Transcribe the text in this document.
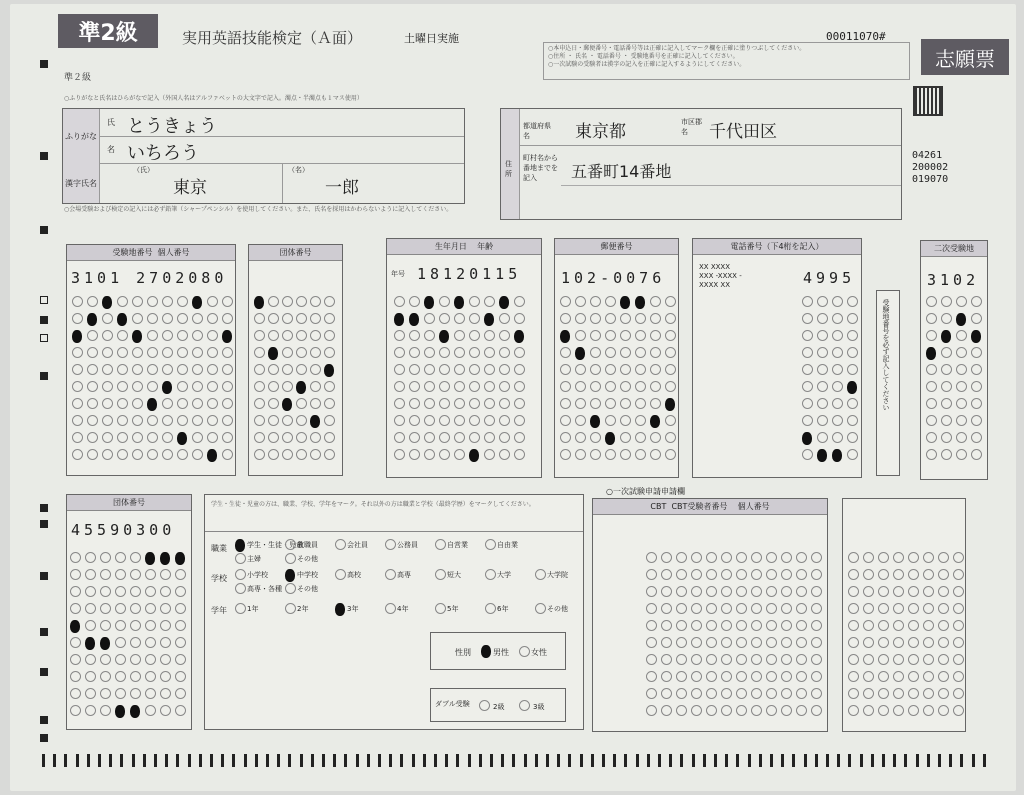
準2級	実用英語技能検定（Ａ面）	土曜日実施	00011070#
志願票
○本申込日・郵便番号・電話番号等は正確に記入してマーク欄を正確に塗りつぶしてください。
○住所 ・ 氏名 ・ 電話番号 ・ 受験地番号を正確に記入してください。
○一次試験の受験者は漢字の記入を正確に記入するようにしてください。
04261
200002
019070
準２級
○ふりがなと氏名はひらがなで記入（外国人名はアルファベットの大文字で記入。濁点・半濁点も１マス使用）
ふりがな
氏 とうきょう
名 いちろう
漢字氏名
（氏）
東京
（名）
一郎
住所
都道府県名	東京都	市区郡名	千代田区
町村名から番地までを記入	五番町14番地
○会場受験および検定の記入には必ず鉛筆（シャープペンシル）を使用してください。また、氏名を採用はかわらないように記入してください。
受験地番号
個人番号
3101 2702080
団体番号
生年月日
年齢
年号 18120115
郵便番号
102-0076
電話番号（下4桁を記入）
XX XXXX
XXX -XXXX -
XXXX XX	4995
受験地番号を必ず記入してください
二次受験地
3102
団体番号
45590300
学生・生徒・児童の方は、職業、学校、学年をマーク。それ以外の方は職業と学校（最終学歴）をマークしてください。
職業
学校
学年
学生・生徒・児童
教職員	会社員	公務員	自営業	自由業
主婦	その他
小学校	中学校	高校	高専	短大	大学	大学院
高専・各種 その他
1年	2年	3年	4年	5年	6年	その他
性別	男性	女性
ダブル受験	2級	3級
○一次試験申請申請欄
CBT
CBT受験者番号
個人番号
